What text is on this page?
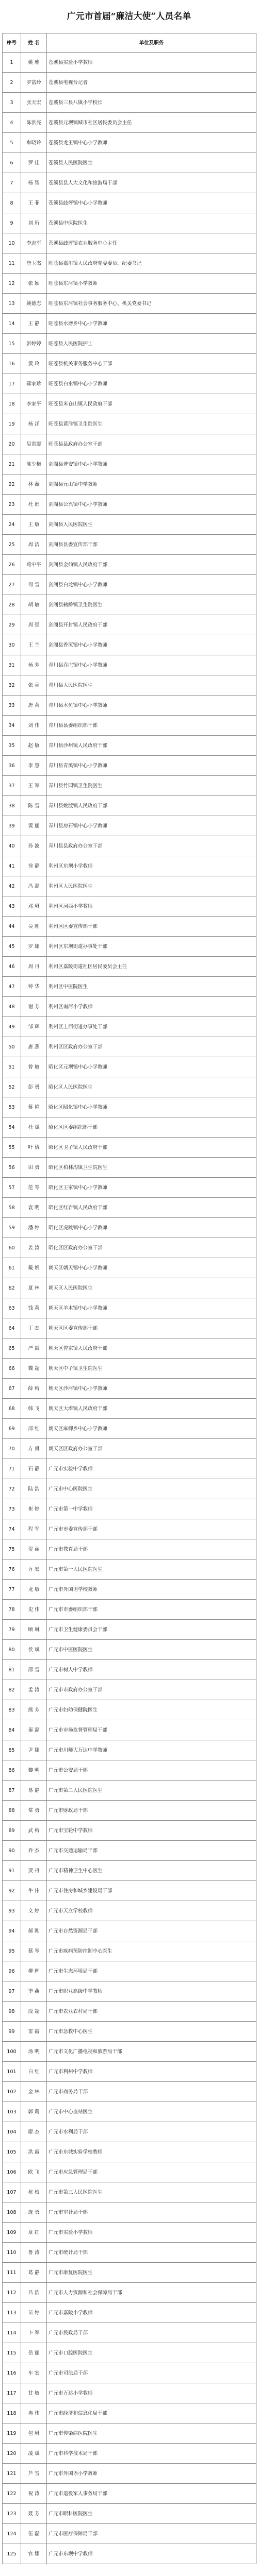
广元市首届“廉洁大使”人员名单
序号	姓 名	单位及职务
1	姚 雅	苍溪县实验小学教师
2	罗富玲	苍溪县电视台记者
3	张天宏	苍溪县三县八镇小学校长
4	陈洪亮	苍溪县元坝镇城市社区居民委员会主任
5	牟晓玲	苍溪县龙王镇中心小学教师
6	罗 佳	苍溪县人民医院医生
7	杨 智	苍溪县县人大文化和旅游局干部
8	王 菲	苍溪县歧坪镇中心小学教师
9	刘 珩	苍溪县中医院医生
10	李志军	苍溪县歧坪镇农业服务中心主任
11	唐玉杰	旺苍县嘉川镇人民政府党委委员、纪委书记
12	张 颖	旺苍县东河镇小学教师
13	姚德志	旺苍县东河镇社会事务服务中心、机关党委书记
14	王 静	旺苍县水磨乡中心小学教师
15	彭婷婷	旺苍县人民医院护士
16	黄 玲	旺苍县机关事务服务中心干部
17	郑家珍	旺苍县白水镇中心小学教师
18	李家平	旺苍县米仓山镇人民政府干部
19	杨 洋	旺苍县黄洋镇卫生院医生
20	吴雷霞	旺苍县县政府办公室干部
21	陈少梅	剑阁县普安镇中心小学教师
22	林 薇	剑阁县元山镇中学教师
23	杜 娟	剑阁县公兴镇中心小学教师
24	王 敏	剑阁县人民医院医生
25	周 洁	剑阁县县委宣传部干部
26	苟中平	剑阁县金仙镇人民政府干部
27	何 雪	剑阁县白龙镇中心小学教师
28	胡 敏	剑阁县鹤龄镇卫生院医生
29	周 强	剑阁县开封镇人民政府干部
30	王 兰	剑阁县香沉镇中心小学教师
31	杨 芳	青川县乔庄镇中心小学教师
32	张 亮	青川县人民医院医生
33	唐 莉	青川县木鱼镇中心小学教师
34	刘 伟	青川县县委组织部干部
35	赵 敏	青川县沙州镇人民政府干部
36	李 慧	青川县青溪镇中心小学教师
37	王 军	青川县竹园镇卫生院医生
38	陈 雪	青川县姚渡镇人民政府干部
39	黄 丽	青川县房石镇中心小学教师
40	孙 波	青川县县政府办公室干部
41	徐 静	利州区东坝小学教师
42	冯 磊	利州区人民医院医生
43	邓 琳	利州区河西小学教师
44	吴 刚	利州区区委宣传部干部
45	罗 娜	利州区东坝街道办事处干部
46	周 丹	利州区嘉陵街道社区居民委员会主任
47	钟 华	利州区中医院医生
48	谢 芳	利州区南河小学教师
49	邹 辉	利州区上西街道办事处干部
50	唐 燕	利州区区政府办公室干部
51	曾 敏	昭化区元坝镇中心小学教师
52	彭 勇	昭化区人民医院医生
53	蒋 艳	昭化区昭化镇中心小学教师
54	杜 斌	昭化区区委组织部干部
55	叶 倩	昭化区卫子镇人民政府干部
56	田 勇	昭化区柏林沟镇卫生院医生
57	范 琴	昭化区王家镇中心小学教师
58	袁 明	昭化区红岩镇人民政府干部
59	潘 婷	昭化区虎跳镇中心小学教师
60	姜 涛	昭化区区政府办公室干部
61	戴 娟	朝天区朝天镇中心小学教师
62	夏 林	朝天区人民医院医生
63	钱 莉	朝天区羊木镇中心小学教师
64	丁 杰	朝天区区委宣传部干部
65	严 霞	朝天区曾家镇人民政府干部
66	魏 超	朝天区中子镇卫生院医生
67	薛 梅	朝天区沙河镇中心小学教师
68	韩 飞	朝天区大滩镇人民政府干部
69	邱 红	朝天区麻柳乡中心小学教师
70	方 勇	朝天区区政府办公室干部
71	石 静	广元市实验中学教师
72	陆 浩	广元市中心医院医生
73	崔 婷	广元市第一中学教师
74	程 军	广元市市委宣传部干部
75	贺 丽	广元市教育局干部
76	万 宏	广元市第一人民医院医生
77	龙 敏	广元市外国语学校教师
78	史 伟	广元市市委组织部干部
79	顾 琳	广元市卫生健康委员会干部
80	侯 斌	广元市中医医院医生
81	邵 雪	广元市树人中学教师
82	孟 涛	广元市市政府办公室干部
83	熊 芳	广元市妇幼保健院医生
84	秦 磊	广元市市场监督管理局干部
85	尹 娜	广元市川师大万达中学教师
86	黎 明	广元市公安局干部
87	易 静	广元市第二人民医院医生
88	常 勇	广元市财政局干部
89	武 梅	广元市宝轮中学教师
90	乔 杰	广元市交通运输局干部
91	贾 丹	广元市精神卫生中心医生
92	牛 伟	广元市住房和城乡建设局干部
93	文 婷	广元市天立学校教师
94	郝 刚	广元市自然资源局干部
95	蔡 琴	广元市疾病预防控制中心医生
96	柳 辉	广元市生态环境局干部
97	季 燕	广元市职业高级中学教师
98	段 超	广元市农业农村局干部
99	雷 霞	广元市急救中心医生
100	汤 明	广元市文化广播电视和旅游局干部
101	白 红	广元市利州中学教师
102	金 林	广元市商务局干部
103	郭 莉	广元市中心血站医生
104	廖 杰	广元市水利局干部
105	洪 霞	广元市东城实验学校教师
106	欧 飞	广元市应急管理局干部
107	杭 梅	广元市第三人民医院医生
108	庞 勇	广元市审计局干部
109	章 红	广元市实验小学教师
110	鲁 涛	广元市统计局干部
111	葛 静	广元市康复医院医生
112	吕 浩	广元市人力资源和社会保障局干部
113	苗 婷	广元市嘉陵小学教师
114	卜 军	广元市民政局干部
115	岳 丽	广元市口腔医院医生
116	车 宏	广元市司法局干部
117	甘 敏	广元市万达小学教师
118	冉 伟	广元市经济和信息化局干部
119	包 琳	广元市传染病医院医生
120	凌 斌	广元市科学技术局干部
121	芦 雪	广元市外国语小学教师
122	祝 涛	广元市退役军人事务局干部
123	聂 芳	广元市眼科医院医生
124	伍 磊	广元市医疗保障局干部
125	官 娜	广元市东坝中学教师
